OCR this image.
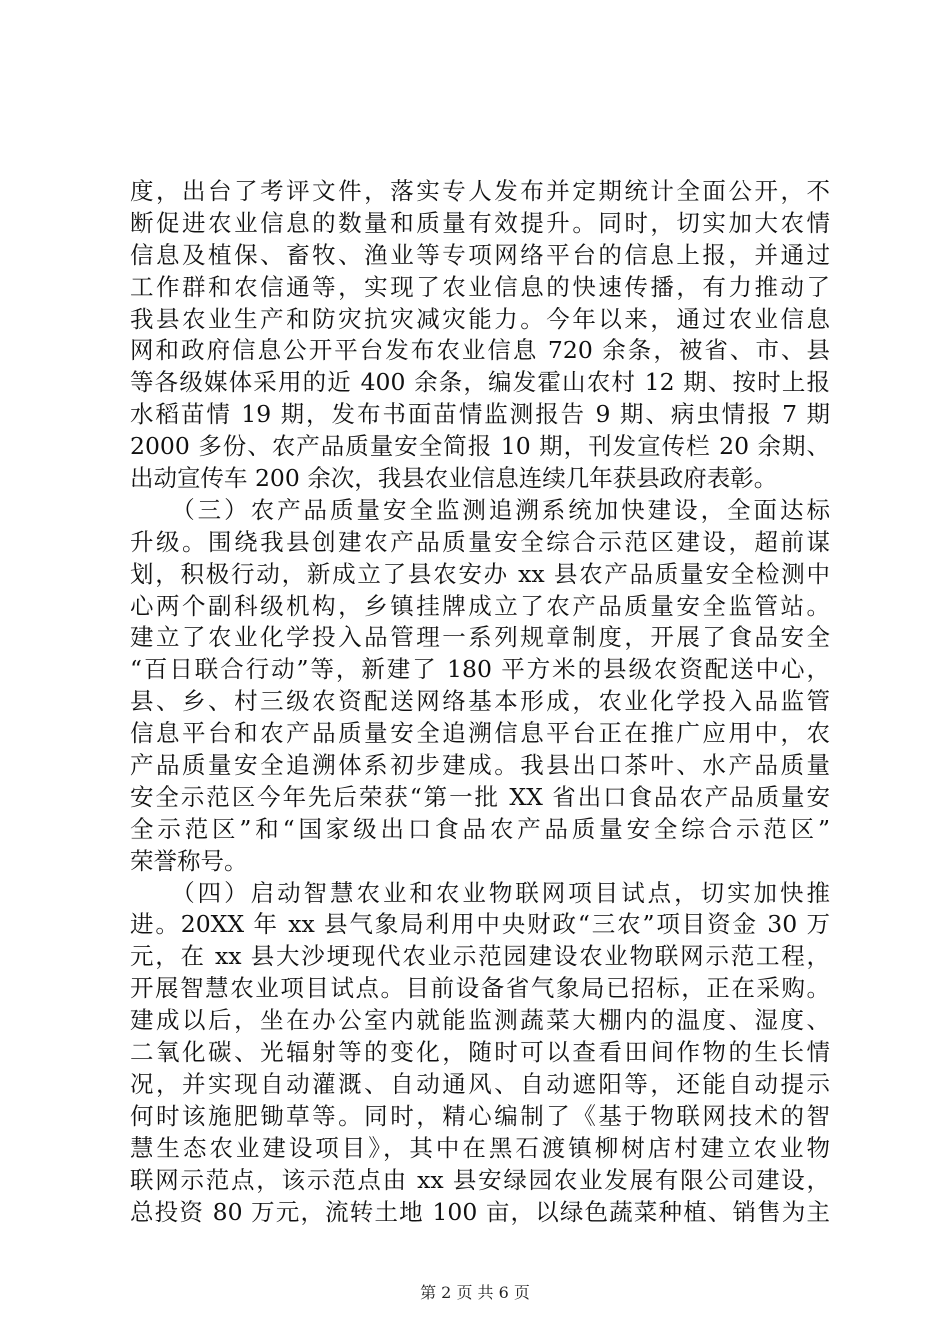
度，出台了考评文件，落实专人发布并定期统计全面公开，不
断促进农业信息的数量和质量有效提升。同时，切实加大农情
信息及植保、畜牧、渔业等专项网络平台的信息上报，并通过
工作群和农信通等，实现了农业信息的快速传播，有力推动了
我县农业生产和防灾抗灾减灾能力。今年以来，通过农业信息
网和政府信息公开平台发布农业信息 720 余条，被省、市、县
等各级媒体采用的近 400 余条，编发霍山农村 12 期、按时上报
水稻苗情 19 期，发布书面苗情监测报告 9 期、病虫情报 7 期
2000 多份、农产品质量安全简报 10 期，刊发宣传栏 20 余期、
出动宣传车 200 余次，我县农业信息连续几年获县政府表彰。
　　（三）农产品质量安全监测追溯系统加快建设，全面达标
升级。围绕我县创建农产品质量安全综合示范区建设，超前谋
划，积极行动，新成立了县农安办 xx 县农产品质量安全检测中
心两个副科级机构，乡镇挂牌成立了农产品质量安全监管站。
建立了农业化学投入品管理一系列规章制度，开展了食品安全
“百日联合行动”等，新建了 180 平方米的县级农资配送中心，
县、乡、村三级农资配送网络基本形成，农业化学投入品监管
信息平台和农产品质量安全追溯信息平台正在推广应用中，农
产品质量安全追溯体系初步建成。我县出口茶叶、水产品质量
安全示范区今年先后荣获“第一批 XX 省出口食品农产品质量安
全示范区”和“国家级出口食品农产品质量安全综合示范区”
荣誉称号。
　　（四）启动智慧农业和农业物联网项目试点，切实加快推
进。20XX 年 xx 县气象局利用中央财政“三农”项目资金 30 万
元，在 xx 县大沙埂现代农业示范园建设农业物联网示范工程，
开展智慧农业项目试点。目前设备省气象局已招标，正在采购。
建成以后，坐在办公室内就能监测蔬菜大棚内的温度、湿度、
二氧化碳、光辐射等的变化，随时可以查看田间作物的生长情
况，并实现自动灌溉、自动通风、自动遮阳等，还能自动提示
何时该施肥锄草等。同时，精心编制了《基于物联网技术的智
慧生态农业建设项目》，其中在黑石渡镇柳树店村建立农业物
联网示范点，该示范点由 xx 县安绿园农业发展有限公司建设，
总投资 80 万元，流转土地 100 亩，以绿色蔬菜种植、销售为主
第 2 页 共 6 页
